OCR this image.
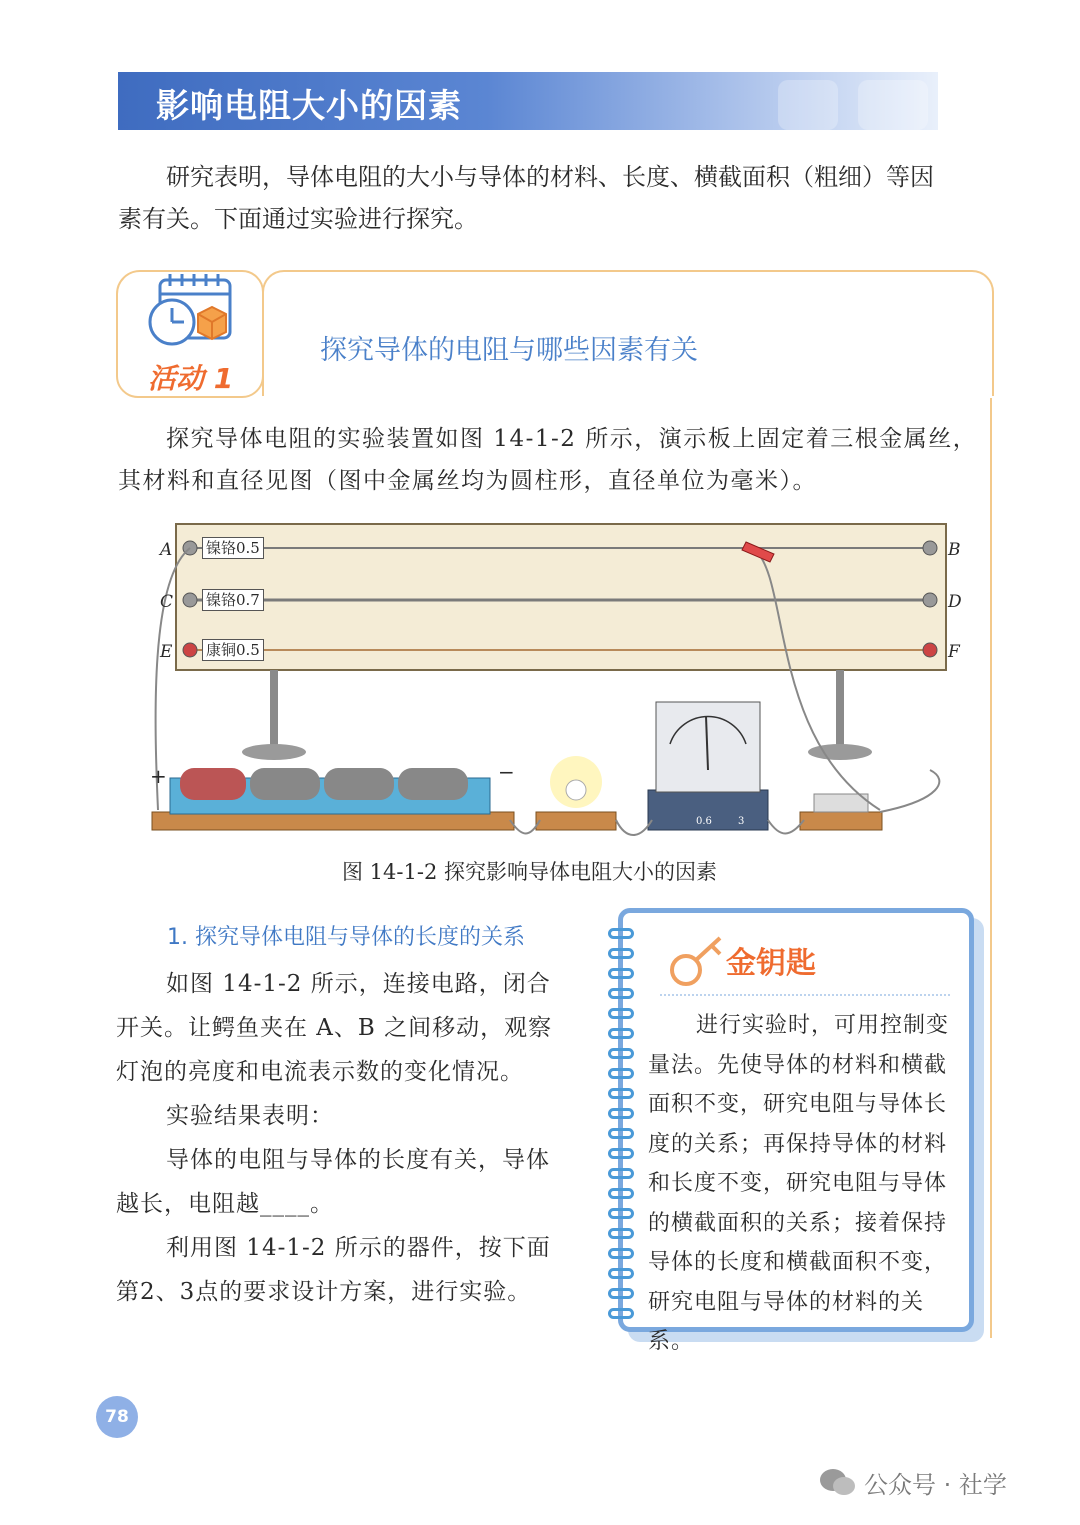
影响电阻大小的因素
研究表明，导体电阻的大小与导体的材料、长度、横截面积（粗细）等因
素有关。下面通过实验进行探究。
活动 1
探究导体的电阻与哪些因素有关
探究导体电阻的实验装置如图 14-1-2 所示，演示板上固定着三根金属丝，
其材料和直径见图（图中金属丝均为圆柱形，直径单位为毫米）。
A	B
C	D
E	F
镍铬0.5
镍铬0.7
康铜0.5
+	−
0.6	3
图 14-1-2 探究影响导体电阻大小的因素
1. 探究导体电阻与导体的长度的关系
如图 14-1-2 所示，连接电路，闭合
开关。让鳄鱼夹在 A、B 之间移动，观察
灯泡的亮度和电流表示数的变化情况。
实验结果表明：
导体的电阻与导体的长度有关，导体
越长，电阻越____。
利用图 14-1-2 所示的器件，按下面
第2、3点的要求设计方案，进行实验。
金钥匙
进行实验时，可用控制变量法。先使导体的材料和横截面积不变，研究电阻与导体长度的关系；再保持导体的材料和长度不变，研究电阻与导体的横截面积的关系；接着保持导体的长度和横截面积不变，研究电阻与导体的材料的关系。
78
公众号 · 社学
